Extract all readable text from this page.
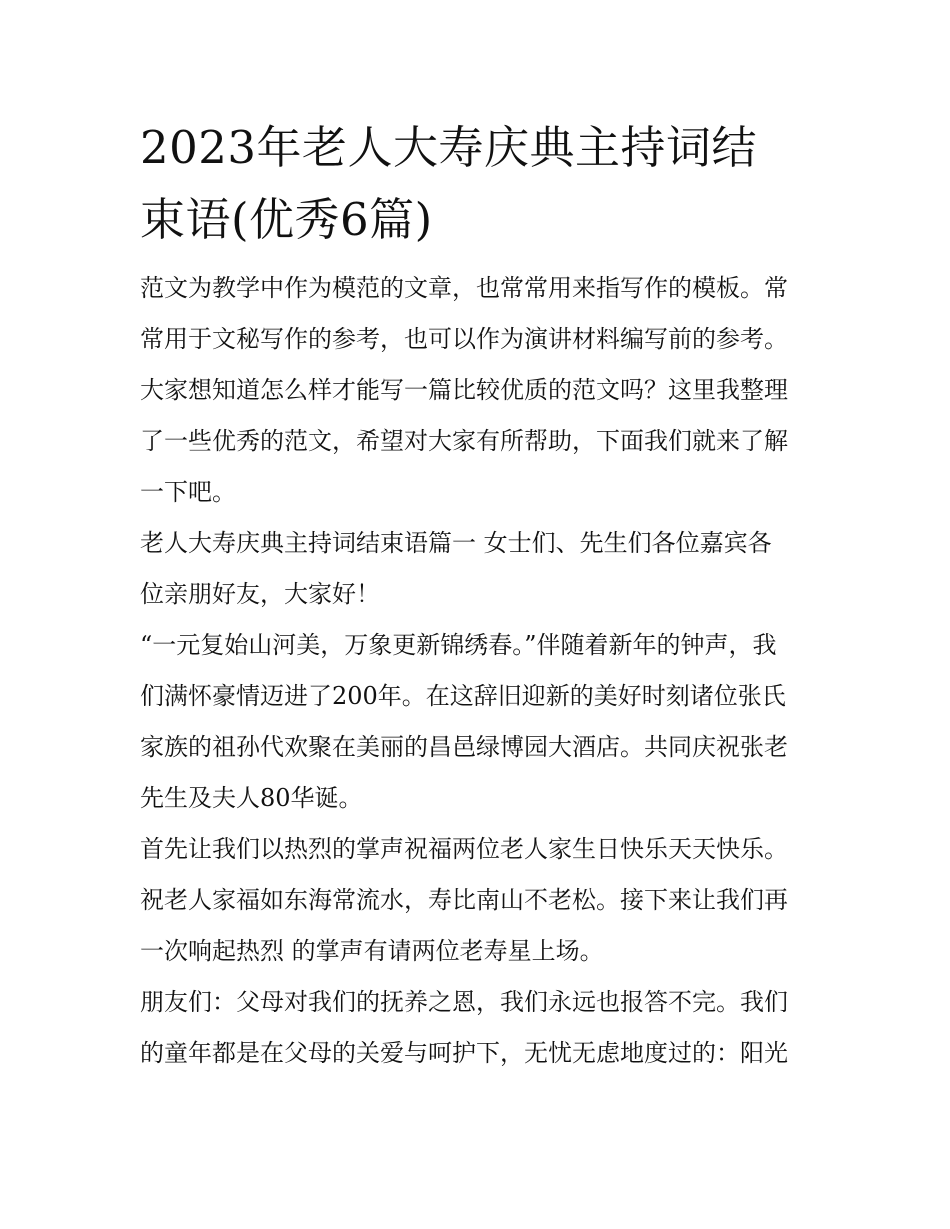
2023年老人大寿庆典主持词结
束语(优秀6篇)
范文为教学中作为模范的文章，也常常用来指写作的模板。常
常用于文秘写作的参考，也可以作为演讲材料编写前的参考。
大家想知道怎么样才能写一篇比较优质的范文吗？这里我整理
了一些优秀的范文，希望对大家有所帮助，下面我们就来了解
一下吧。
老人大寿庆典主持词结束语篇一 女士们、先生们各位嘉宾各
位亲朋好友，大家好！
“一元复始山河美，万象更新锦绣春。”伴随着新年的钟声，我
们满怀豪情迈进了200年。在这辞旧迎新的美好时刻诸位张氏
家族的祖孙代欢聚在美丽的昌邑绿博园大酒店。共同庆祝张老
先生及夫人80华诞。
首先让我们以热烈的掌声祝福两位老人家生日快乐天天快乐。
祝老人家福如东海常流水，寿比南山不老松。接下来让我们再
一次响起热烈 的掌声有请两位老寿星上场。
朋友们：父母对我们的抚养之恩，我们永远也报答不完。我们
的童年都是在父母的关爱与呵护下，无忧无虑地度过的：阳光
